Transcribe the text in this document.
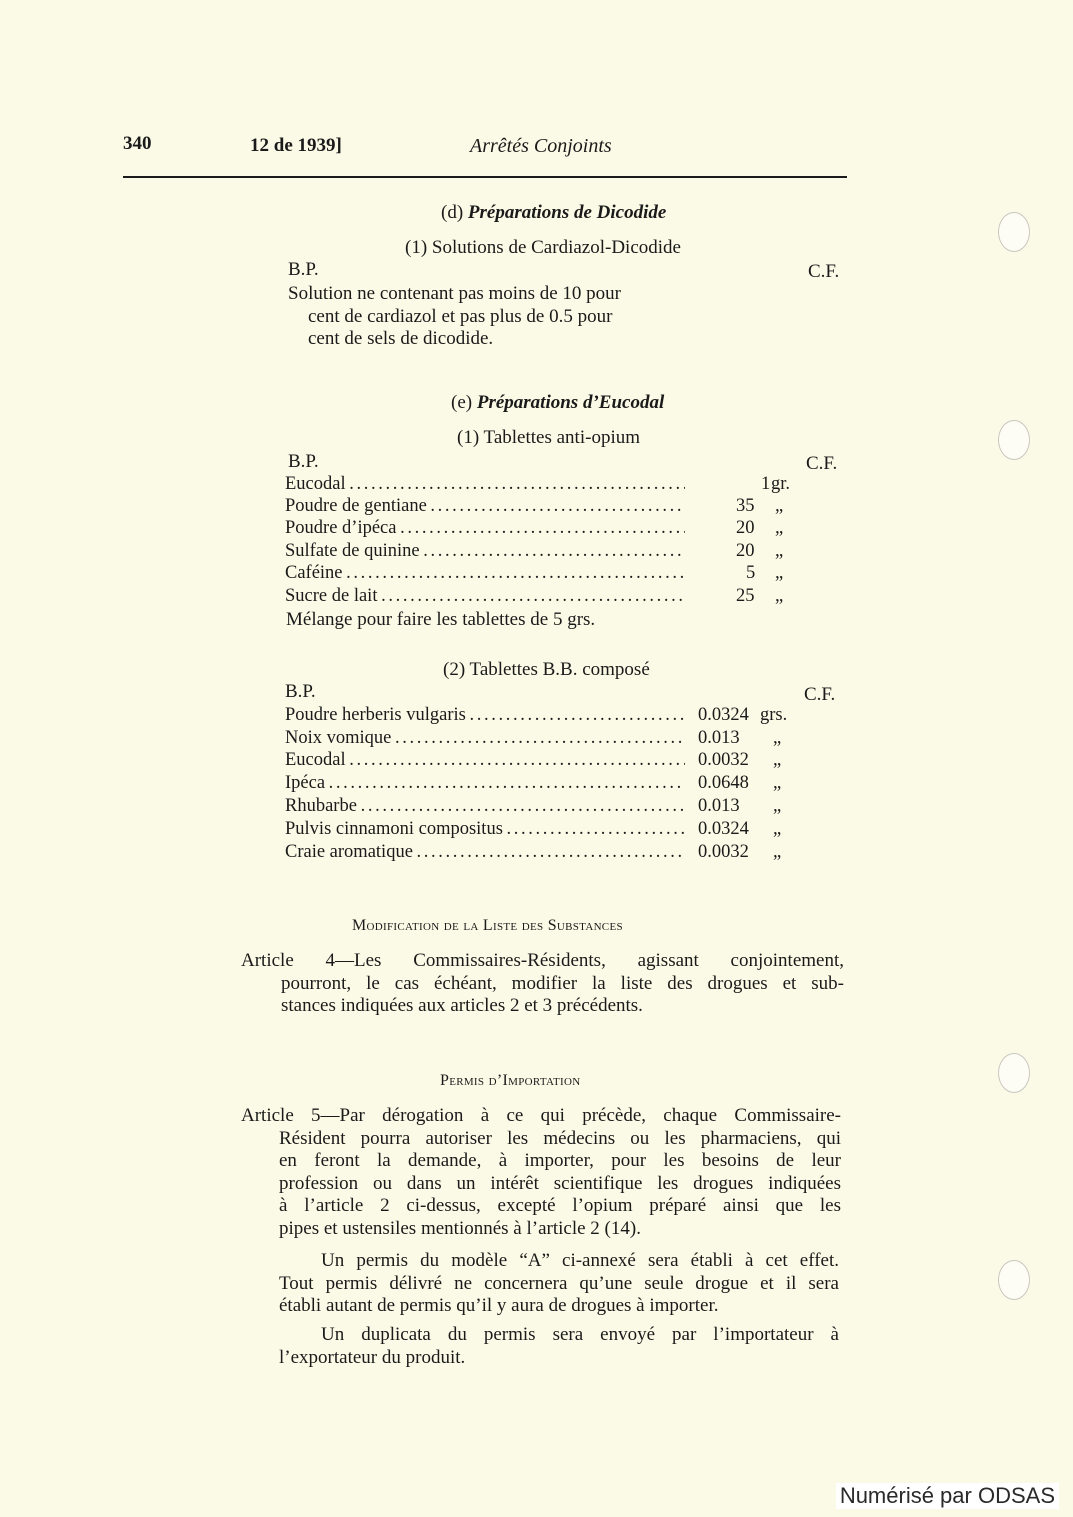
340	12 de 1939]	Arrêtés Conjoints
(d) Préparations de Dicodide
(1) Solutions de Cardiazol-Dicodide
B.P.	C.F.
Solution ne contenant pas moins de 10 pour
cent de cardiazol et pas plus de 0.5 pour
cent de sels de dicodide.
(e) Préparations d’Eucodal
(1) Tablettes anti-opium
B.P.	C.F.
Eucodal . . .	1 gr.
Poudre de gentiane . . .	35 „
Poudre d’ipéca . . .	20 „
Sulfate de quinine . . .	20 „
Caféine . . .	5 „
Sucre de lait . . .	25 „
Mélange pour faire les tablettes de 5 grs.
(2) Tablettes B.B. composé
B.P.	C.F.
Poudre herberis vulgaris . . .	0.0324 grs.
Noix vomique . . .	0.013 „
Eucodal . . .	0.0032 „
Ipéca . . .	0.0648 „
Rhubarbe . . .	0.013 „
Pulvis cinnamoni compositus . . .	0.0324 „
Craie aromatique . . .	0.0032 „
Modification de la Liste des Substances
Article 4—Les Commissaires-Résidents, agissant conjointement,
pourront, le cas échéant, modifier la liste des drogues et sub-
stances indiquées aux articles 2 et 3 précédents.
Permis d’Importation
Article 5—Par dérogation à ce qui précède, chaque Commissaire-
Résident pourra autoriser les médecins ou les pharmaciens, qui
en feront la demande, à importer, pour les besoins de leur
profession ou dans un intérêt scientifique les drogues indiquées
à l’article 2 ci-dessus, excepté l’opium préparé ainsi que les
pipes et ustensiles mentionnés à l’article 2 (14).
Un permis du modèle “A” ci-annexé sera établi à cet effet.
Tout permis délivré ne concernera qu’une seule drogue et il sera
établi autant de permis qu’il y aura de drogues à importer.
Un duplicata du permis sera envoyé par l’importateur à
l’exportateur du produit.
Numérisé par ODSAS
